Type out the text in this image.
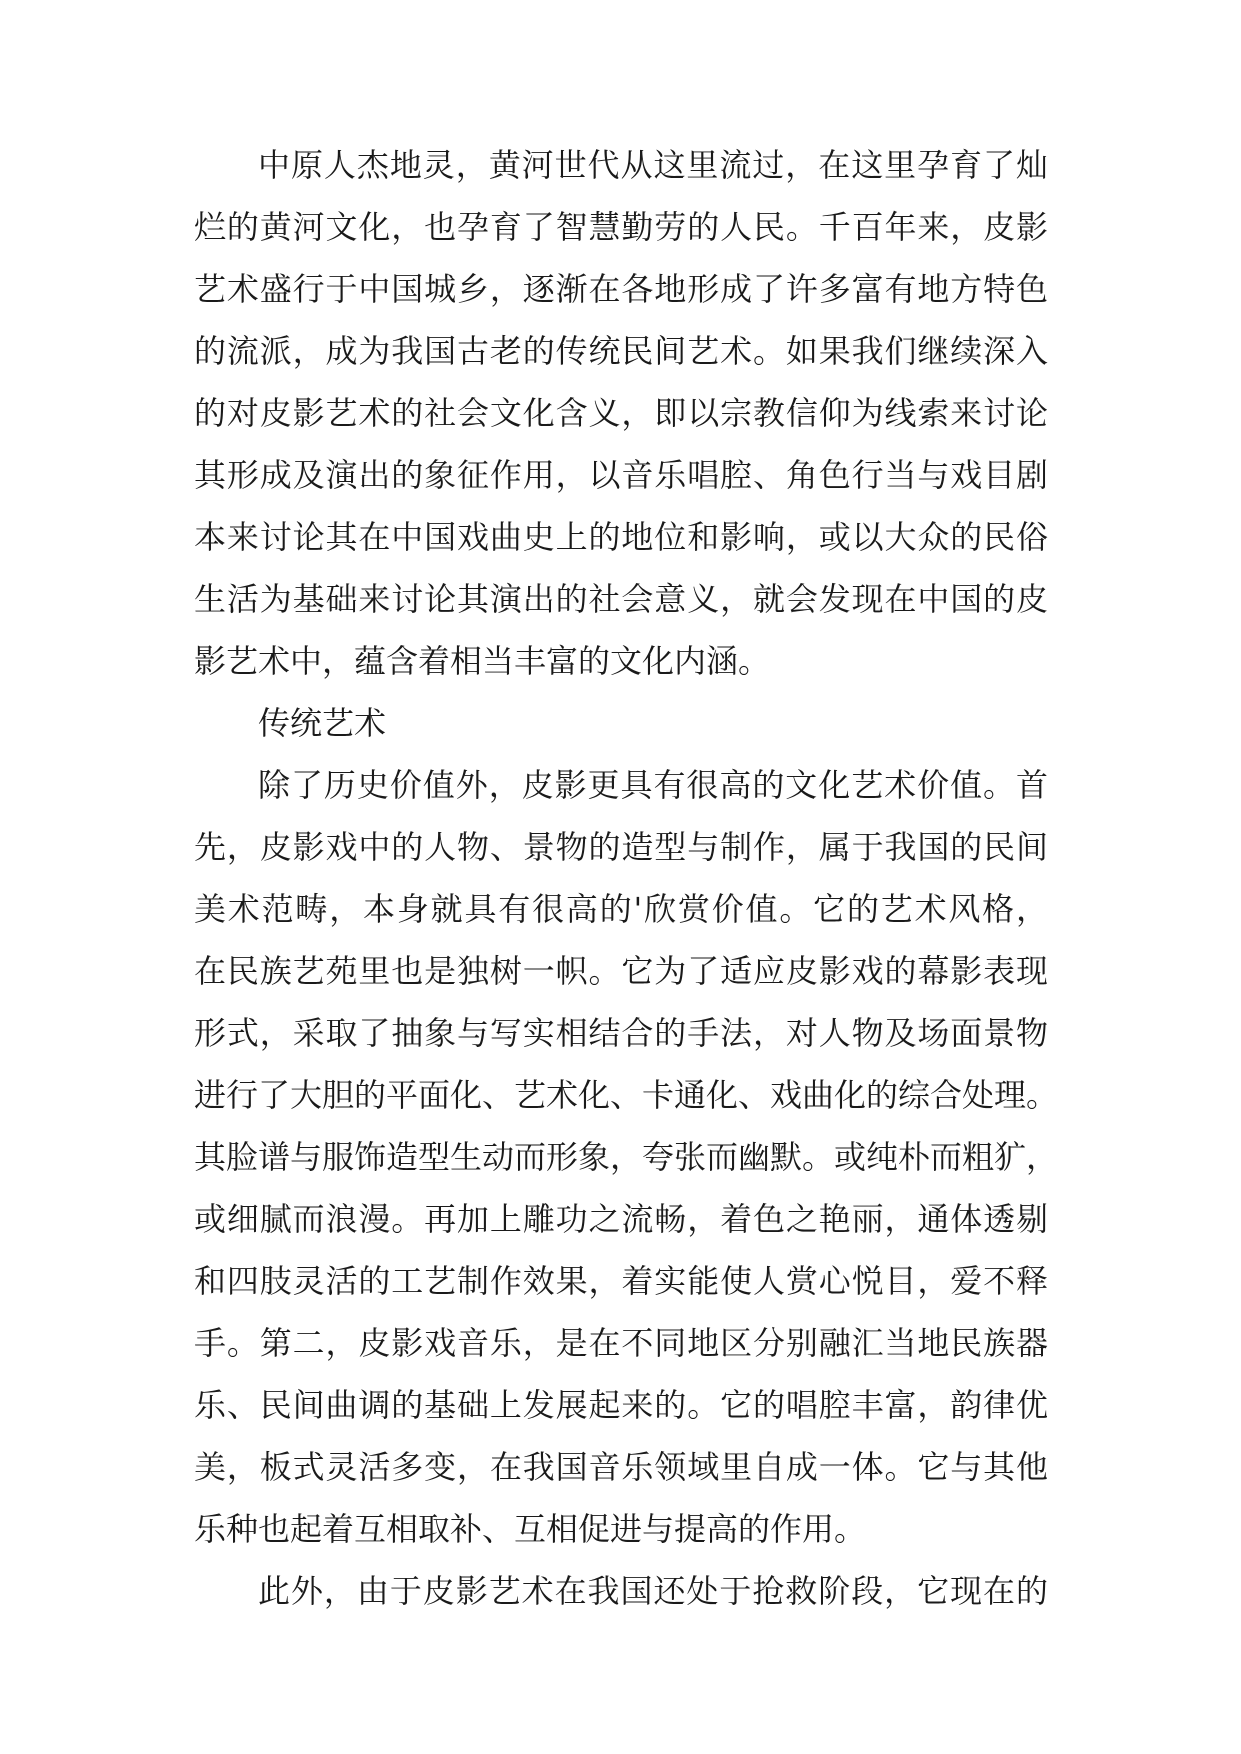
中原人杰地灵，黄河世代从这里流过，在这里孕育了灿
烂的黄河文化，也孕育了智慧勤劳的人民。千百年来，皮影
艺术盛行于中国城乡，逐渐在各地形成了许多富有地方特色
的流派，成为我国古老的传统民间艺术。如果我们继续深入
的对皮影艺术的社会文化含义，即以宗教信仰为线索来讨论
其形成及演出的象征作用，以音乐唱腔、角色行当与戏目剧
本来讨论其在中国戏曲史上的地位和影响，或以大众的民俗
生活为基础来讨论其演出的社会意义，就会发现在中国的皮
影艺术中，蕴含着相当丰富的文化内涵。
传统艺术
除了历史价值外，皮影更具有很高的文化艺术价值。首
先，皮影戏中的人物、景物的造型与制作，属于我国的民间
美术范畴，本身就具有很高的'欣赏价值。它的艺术风格，
在民族艺苑里也是独树一帜。它为了适应皮影戏的幕影表现
形式，采取了抽象与写实相结合的手法，对人物及场面景物
进行了大胆的平面化、艺术化、卡通化、戏曲化的综合处理。
其脸谱与服饰造型生动而形象，夸张而幽默。或纯朴而粗犷，
或细腻而浪漫。再加上雕功之流畅，着色之艳丽，通体透剔
和四肢灵活的工艺制作效果，着实能使人赏心悦目，爱不释
手。第二，皮影戏音乐，是在不同地区分别融汇当地民族器
乐、民间曲调的基础上发展起来的。它的唱腔丰富，韵律优
美，板式灵活多变，在我国音乐领域里自成一体。它与其他
乐种也起着互相取补、互相促进与提高的作用。
此外，由于皮影艺术在我国还处于抢救阶段，它现在的
